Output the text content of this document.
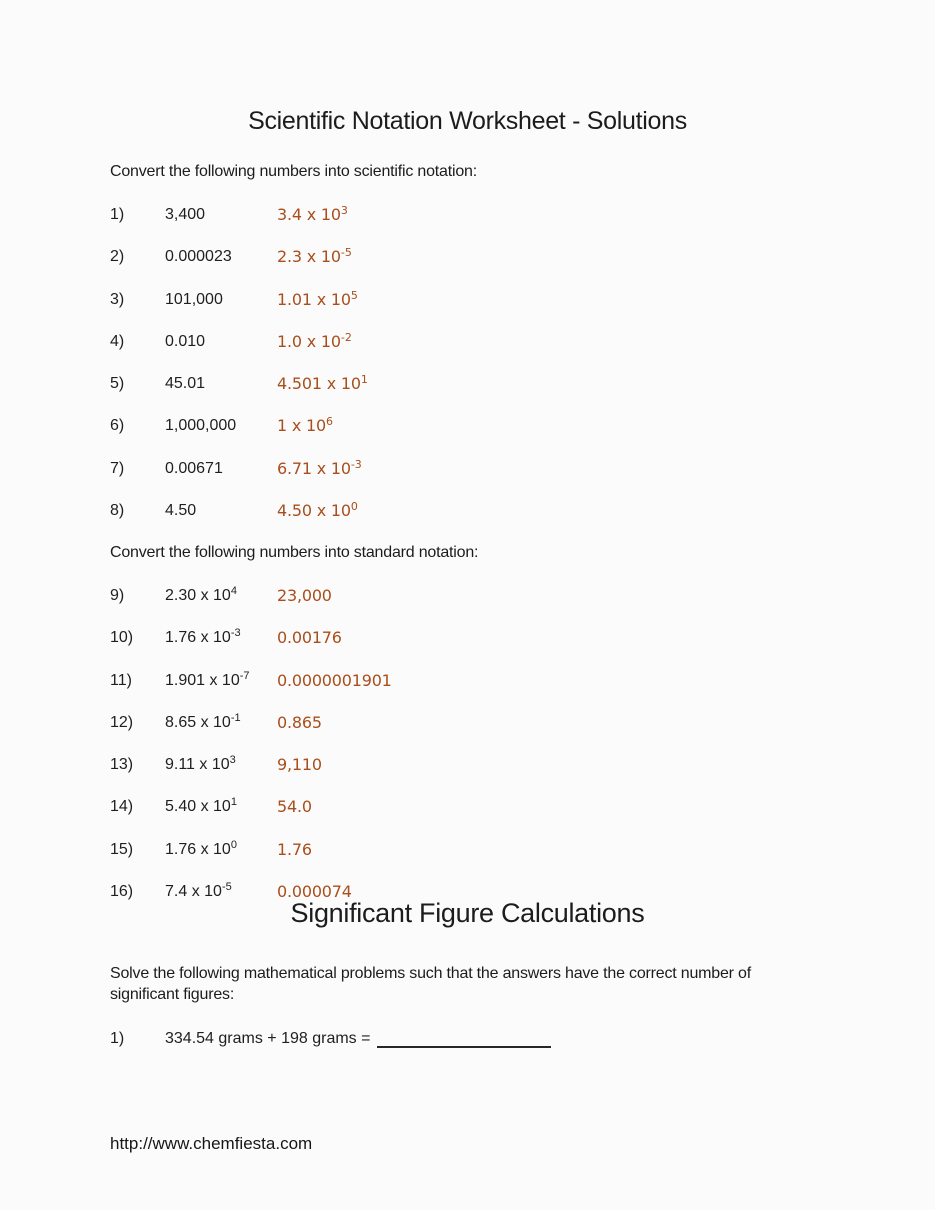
Scientific Notation Worksheet - Solutions
Convert the following numbers into scientific notation:
1)	3,400	3.4 x $10^3$
2)	0.000023	2.3 x $10^{-5}$
3)	101,000	1.01 x $10^5$
4)	0.010	1.0 x $10^{-2}$
5)	45.01	4.501 x $10^1$
6)	1,000,000	1 x $10^6$
7)	0.00671	6.71 x $10^{-3}$
8)	4.50	4.50 x $10^0$
Convert the following numbers into standard notation:
9)	2.30 x $10^4$	23,000
10)	1.76 x $10^{-3}$	0.00176
11)	1.901 x $10^{-7}$	0.0000001901
12)	8.65 x $10^{-1}$	0.865
13)	9.11 x $10^3$	9,110
14)	5.40 x $10^1$	54.0
15)	1.76 x $10^0$	1.76
16)	7.4 x $10^{-5}$	0.000074
Significant Figure Calculations
Solve the following mathematical problems such that the answers have the correct number of
significant figures:
1)	334.54 grams + 198 grams =
http://www.chemfiesta.com
